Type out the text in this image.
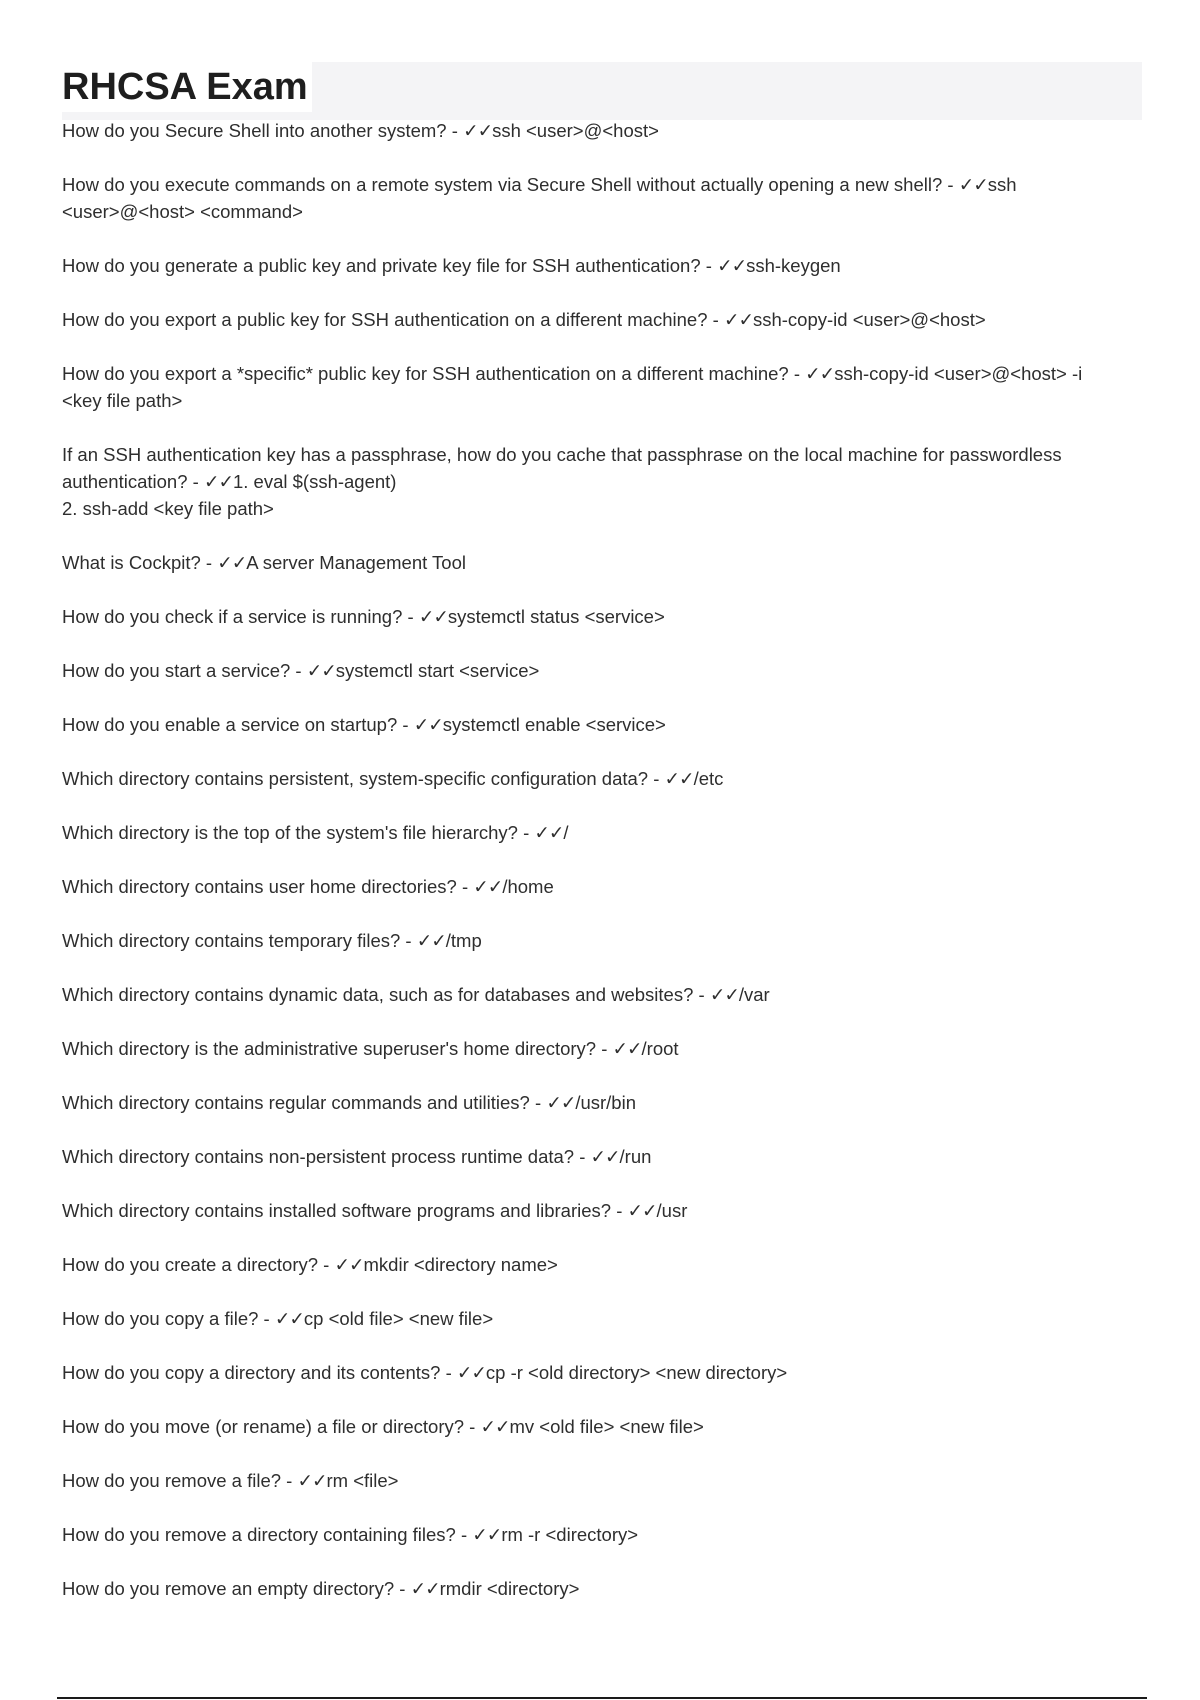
RHCSA Exam
How do you Secure Shell into another system? - ✓✓ssh <user>@<host>
How do you execute commands on a remote system via Secure Shell without actually opening a new shell? - ✓✓ssh <user>@<host> <command>
How do you generate a public key and private key file for SSH authentication? - ✓✓ssh-keygen
How do you export a public key for SSH authentication on a different machine? - ✓✓ssh-copy-id <user>@<host>
How do you export a *specific* public key for SSH authentication on a different machine? - ✓✓ssh-copy-id <user>@<host> -i <key file path>
If an SSH authentication key has a passphrase, how do you cache that passphrase on the local machine for passwordless authentication? - ✓✓1. eval $(ssh-agent)
2. ssh-add <key file path>
What is Cockpit? - ✓✓A server Management Tool
How do you check if a service is running? - ✓✓systemctl status <service>
How do you start a service? - ✓✓systemctl start <service>
How do you enable a service on startup? - ✓✓systemctl enable <service>
Which directory contains persistent, system-specific configuration data? - ✓✓/etc
Which directory is the top of the system's file hierarchy? - ✓✓/
Which directory contains user home directories? - ✓✓/home
Which directory contains temporary files? - ✓✓/tmp
Which directory contains dynamic data, such as for databases and websites? - ✓✓/var
Which directory is the administrative superuser's home directory? - ✓✓/root
Which directory contains regular commands and utilities? - ✓✓/usr/bin
Which directory contains non-persistent process runtime data? - ✓✓/run
Which directory contains installed software programs and libraries? - ✓✓/usr
How do you create a directory? - ✓✓mkdir <directory name>
How do you copy a file? - ✓✓cp <old file> <new file>
How do you copy a directory and its contents? - ✓✓cp -r <old directory> <new directory>
How do you move (or rename) a file or directory? - ✓✓mv <old file> <new file>
How do you remove a file? - ✓✓rm <file>
How do you remove a directory containing files? - ✓✓rm -r <directory>
How do you remove an empty directory? - ✓✓rmdir <directory>
